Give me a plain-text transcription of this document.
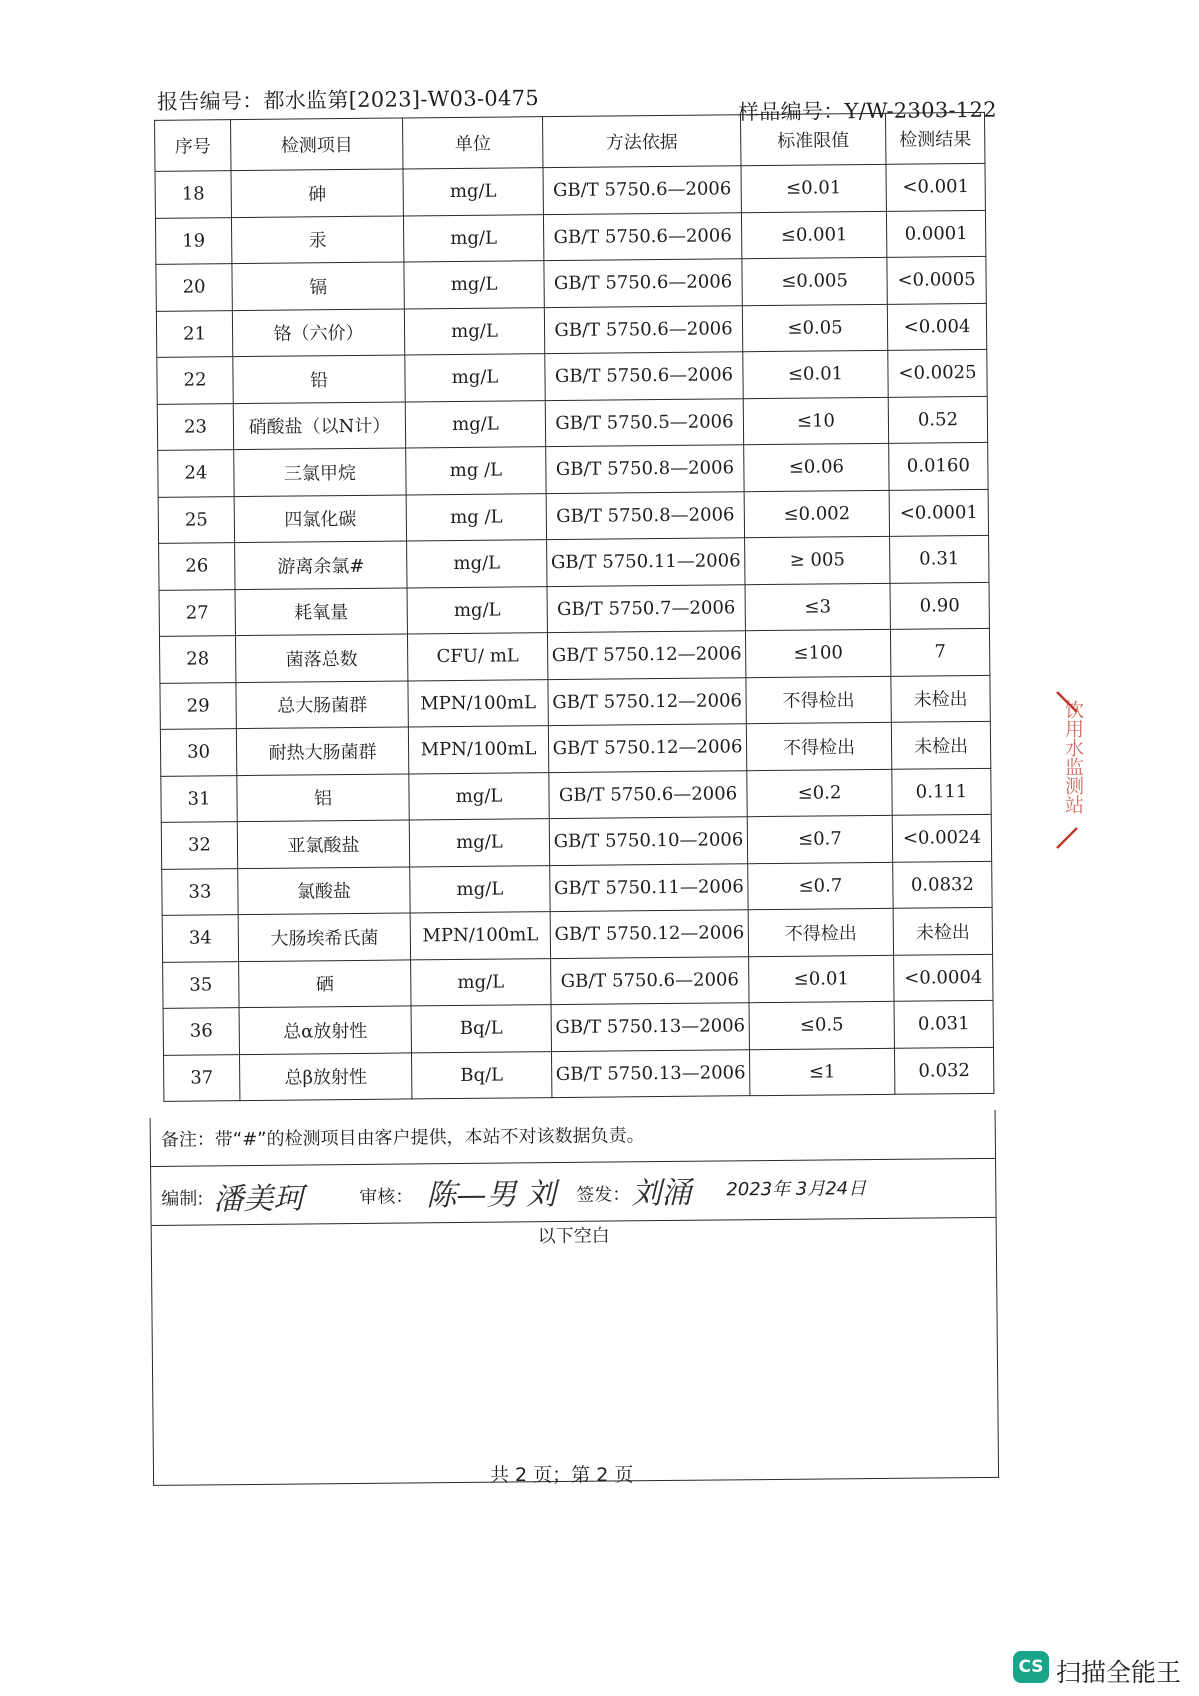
报告编号：都水监第[2023]-W03-0475	样品编号：Y/W-2303-122
序号	检测项目	单位	方法依据	标准限值	检测结果
18	砷	mg/L	GB/T 5750.6—2006	≤0.01	<0.001
19	汞	mg/L	GB/T 5750.6—2006	≤0.001	0.0001
20	镉	mg/L	GB/T 5750.6—2006	≤0.005	<0.0005
21	铬（六价）	mg/L	GB/T 5750.6—2006	≤0.05	<0.004
22	铅	mg/L	GB/T 5750.6—2006	≤0.01	<0.0025
23	硝酸盐（以N计）	mg/L	GB/T 5750.5—2006	≤10	0.52
24	三氯甲烷	mg /L	GB/T 5750.8—2006	≤0.06	0.0160
25	四氯化碳	mg /L	GB/T 5750.8—2006	≤0.002	<0.0001
26	游离余氯#	mg/L	GB/T 5750.11—2006	≥ 005	0.31
27	耗氧量	mg/L	GB/T 5750.7—2006	≤3	0.90
28	菌落总数	CFU/ mL	GB/T 5750.12—2006	≤100	7
29	总大肠菌群	MPN/100mL	GB/T 5750.12—2006	不得检出	未检出
30	耐热大肠菌群	MPN/100mL	GB/T 5750.12—2006	不得检出	未检出
31	铝	mg/L	GB/T 5750.6—2006	≤0.2	0.111
32	亚氯酸盐	mg/L	GB/T 5750.10—2006	≤0.7	<0.0024
33	氯酸盐	mg/L	GB/T 5750.11—2006	≤0.7	0.0832
34	大肠埃希氏菌	MPN/100mL	GB/T 5750.12—2006	不得检出	未检出
35	硒	mg/L	GB/T 5750.6—2006	≤0.01	<0.0004
36	总α放射性	Bq/L	GB/T 5750.13—2006	≤0.5	0.031
37	总β放射性	Bq/L	GB/T 5750.13—2006	≤1	0.032
备注：带“#”的检测项目由客户提供，本站不对该数据负责。
编制: 潘美珂	审核： 陈—男 刘 签发： 刘涌 2023年 3月24日
以下空白
共 2 页；第 2 页
饮用水监测站
CS 扫描全能王
